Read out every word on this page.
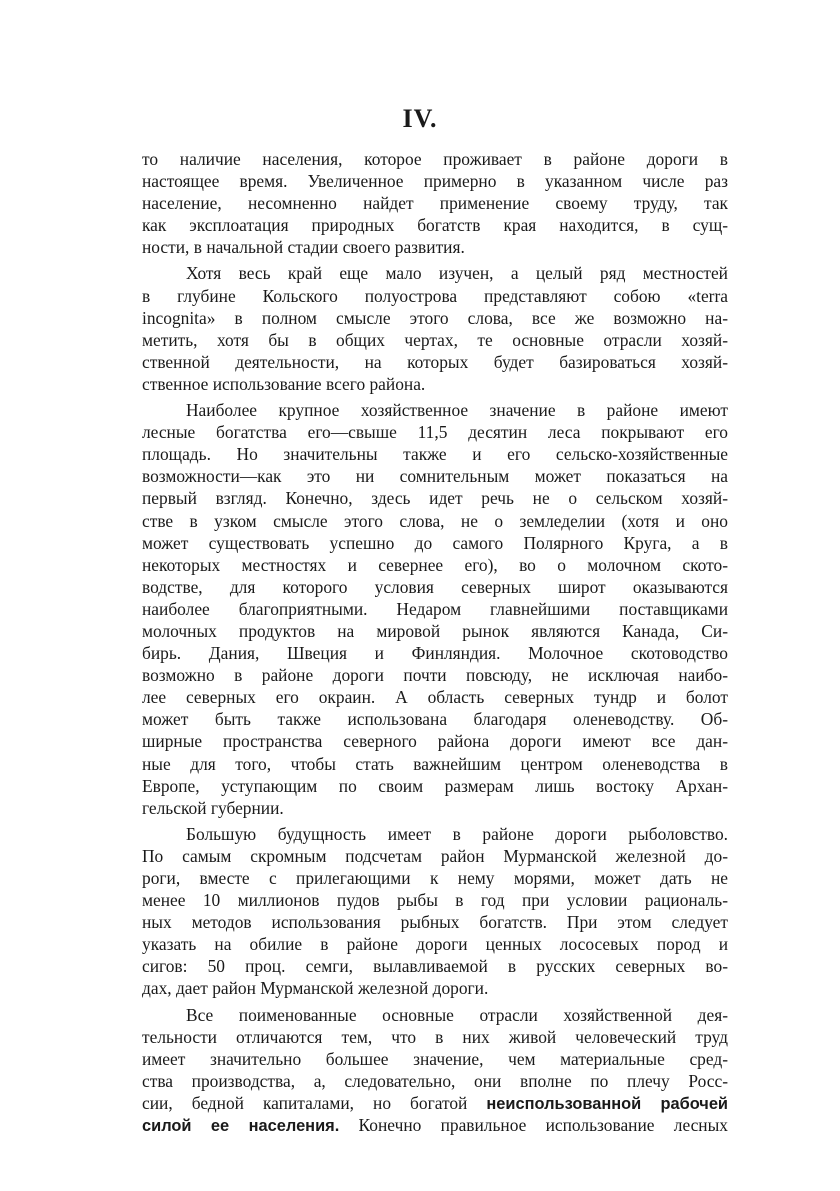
IV.
то наличие населения, которое проживает в районе дороги в
настоящее время. Увеличенное примерно в указанном числе раз
население, несомненно найдет применение своему труду, так
как эксплоатация природных богатств края находится, в сущ-
ности, в начальной стадии своего развития.
Хотя весь край еще мало изучен, а целый ряд местностей
в глубине Кольского полуострова представляют собою «terra
incognita» в полном смысле этого слова, все же возможно на-
метить, хотя бы в общих чертах, те основные отрасли хозяй-
ственной деятельности, на которых будет базироваться хозяй-
ственное использование всего района.
Наиболее крупное хозяйственное значение в районе имеют
лесные богатства его—свыше 11,5 десятин леса покрывают его
площадь. Но значительны также и его сельско-хозяйственные
возможности—как это ни сомнительным может показаться на
первый взгляд. Конечно, здесь идет речь не о сельском хозяй-
стве в узком смысле этого слова, не о земледелии (хотя и оно
может существовать успешно до самого Полярного Круга, а в
некоторых местностях и севернее его), во о молочном ското-
водстве, для которого условия северных широт оказываются
наиболее благоприятными. Недаром главнейшими поставщиками
молочных продуктов на мировой рынок являются Канада, Си-
бирь. Дания, Швеция и Финляндия. Молочное скотоводство
возможно в районе дороги почти повсюду, не исключая наибо-
лее северных его окраин. А область северных тундр и болот
может быть также использована благодаря оленеводству. Об-
ширные пространства северного района дороги имеют все дан-
ные для того, чтобы стать важнейшим центром оленеводства в
Европе, уступающим по своим размерам лишь востоку Архан-
гельской губернии.
Большую будущность имеет в районе дороги рыболовство.
По самым скромным подсчетам район Мурманской железной до-
роги, вместе с прилегающими к нему морями, может дать не
менее 10 миллионов пудов рыбы в год при условии рациональ-
ных методов использования рыбных богатств. При этом следует
указать на обилие в районе дороги ценных лососевых пород и
сигов: 50 проц. семги, вылавливаемой в русских северных во-
дах, дает район Мурманской железной дороги.
Все поименованные основные отрасли хозяйственной дея-
тельности отличаются тем, что в них живой человеческий труд
имеет значительно большее значение, чем материальные сред-
ства производства, а, следовательно, они вполне по плечу Росс-
сии, бедной капиталами, но богатой неиспользованной рабочей
силой ее населения. Конечно правильное использование лесных
